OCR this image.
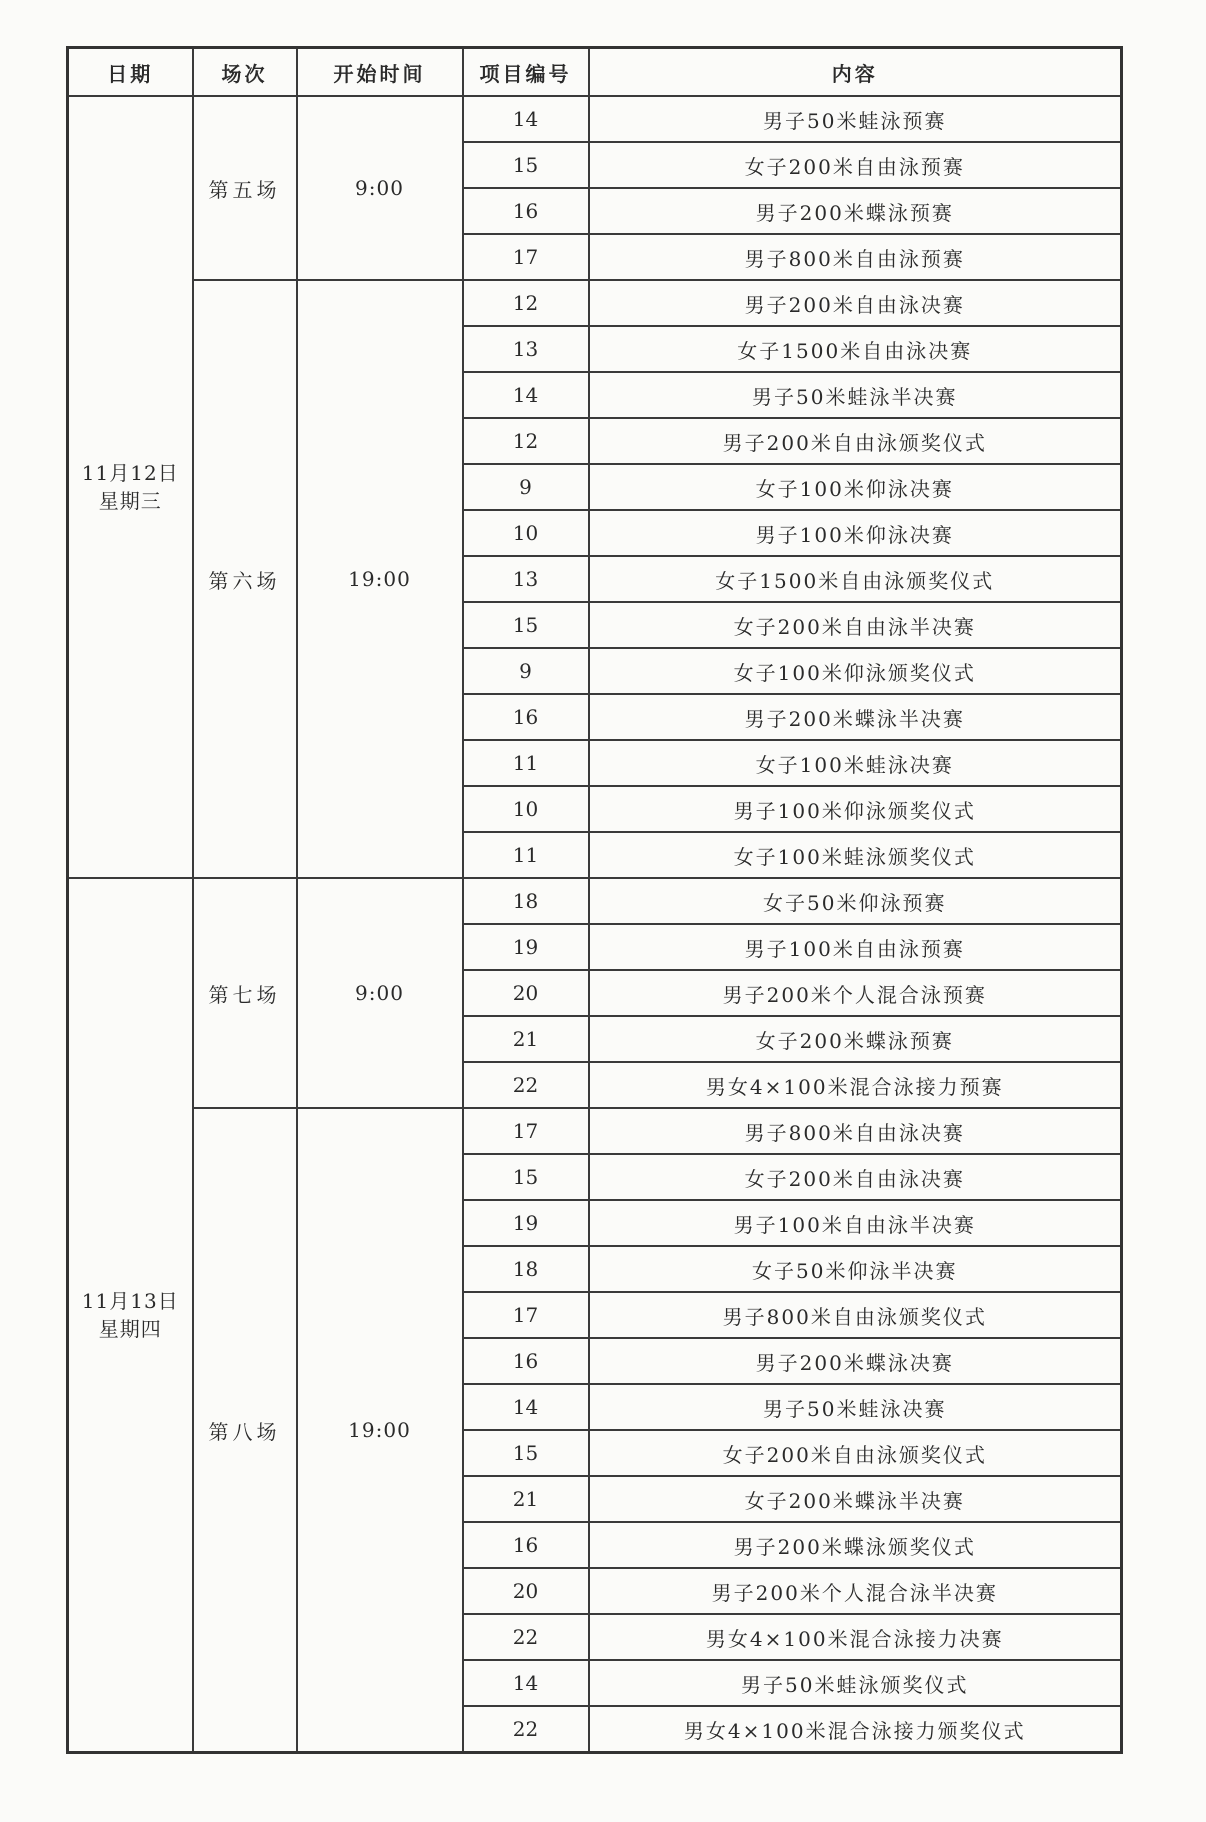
日期	场次	开始时间	项目编号	内容

11月12日
星期三	第五场	9:00	14	男子50米蛙泳预赛
			15	女子200米自由泳预赛
			16	男子200米蝶泳预赛
			17	男子800米自由泳预赛
	第六场	19:00	12	男子200米自由泳决赛
			13	女子1500米自由泳决赛
			14	男子50米蛙泳半决赛
			12	男子200米自由泳颁奖仪式
			9	女子100米仰泳决赛
			10	男子100米仰泳决赛
			13	女子1500米自由泳颁奖仪式
			15	女子200米自由泳半决赛
			9	女子100米仰泳颁奖仪式
			16	男子200米蝶泳半决赛
			11	女子100米蛙泳决赛
			10	男子100米仰泳颁奖仪式
			11	女子100米蛙泳颁奖仪式

11月13日
星期四	第七场	9:00	18	女子50米仰泳预赛
			19	男子100米自由泳预赛
			20	男子200米个人混合泳预赛
			21	女子200米蝶泳预赛
			22	男女4×100米混合泳接力预赛
	第八场	19:00	17	男子800米自由泳决赛
			15	女子200米自由泳决赛
			19	男子100米自由泳半决赛
			18	女子50米仰泳半决赛
			17	男子800米自由泳颁奖仪式
			16	男子200米蝶泳决赛
			14	男子50米蛙泳决赛
			15	女子200米自由泳颁奖仪式
			21	女子200米蝶泳半决赛
			16	男子200米蝶泳颁奖仪式
			20	男子200米个人混合泳半决赛
			22	男女4×100米混合泳接力决赛
			14	男子50米蛙泳颁奖仪式
			22	男女4×100米混合泳接力颁奖仪式
